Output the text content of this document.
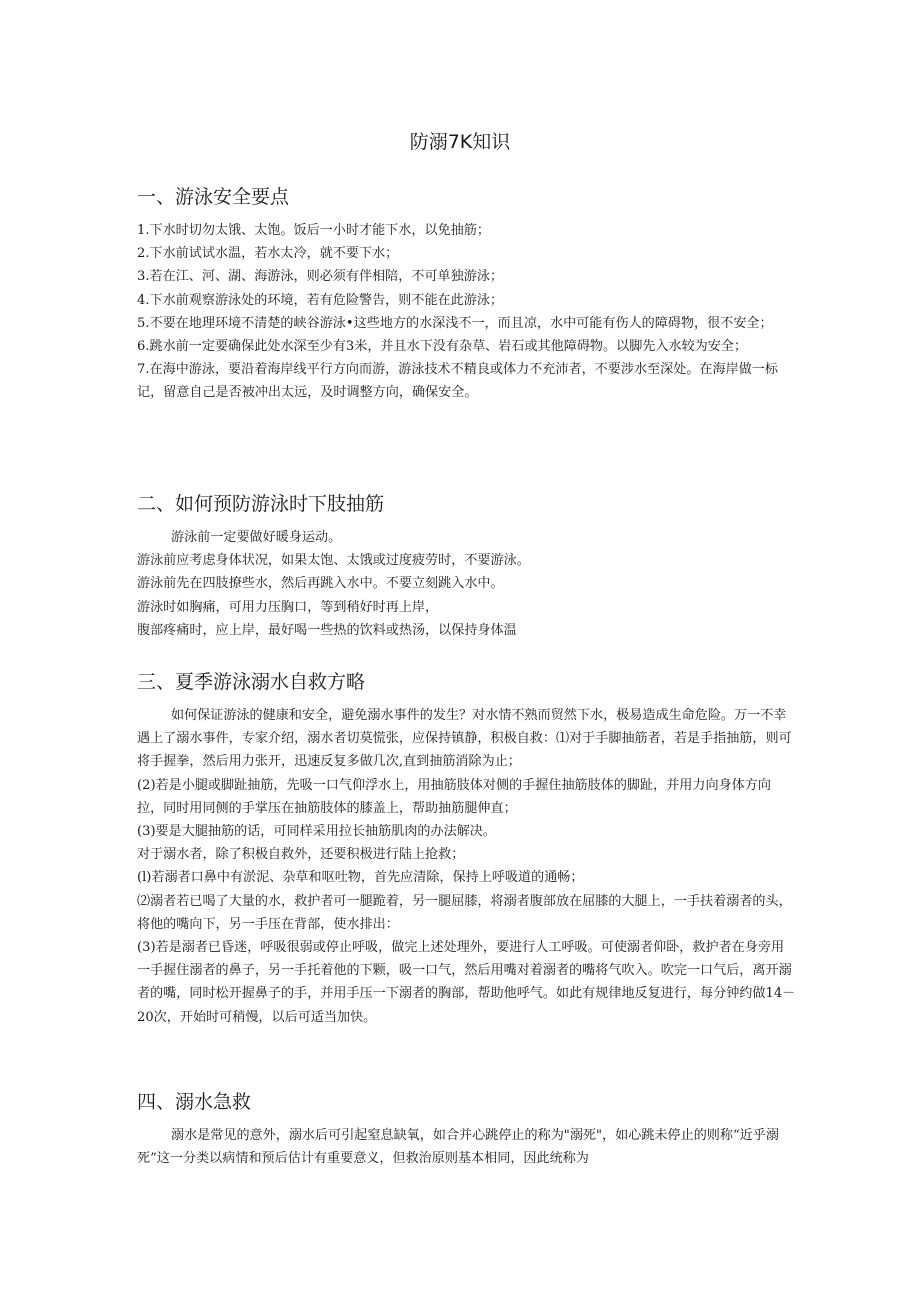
防溺7K知识
一、游泳安全要点

1.下水时切勿太饿、太饱。饭后一小时才能下水，以免抽筋；

2.下水前试试水温，若水太冷，就不要下水；

3.若在江、河、湖、海游泳，则必须有伴相陪，不可单独游泳；

4.下水前观察游泳处的环境，若有危险警告，则不能在此游泳；

5.不要在地理环境不清楚的峡谷游泳•这些地方的水深浅不一，而且凉，水中可能有伤人的障碍物，很不安全；

6.跳水前一定要确保此处水深至少有3米，并且水下没有杂草、岩石或其他障碍物。以脚先入水较为安全；

7.在海中游泳，要沿着海岸线平行方向而游，游泳技术不精良或体力不充沛者，不要涉水至深处。在海岸做一标记，留意自己是否被冲出太远，及时调整方向，确保安全。

二、如何预防游泳时下肢抽筋

游泳前一定要做好暖身运动。

游泳前应考虑身体状况，如果太饱、太饿或过度疲劳时，不要游泳。

游泳前先在四肢撩些水，然后再跳入水中。不要立刻跳入水中。

游泳时如胸痛，可用力压胸口，等到稍好时再上岸，

腹部疼痛时，应上岸，最好喝一些热的饮料或热汤，以保持身体温

三、夏季游泳溺水自救方略

如何保证游泳的健康和安全，避免溺水事件的发生？对水情不熟而贸然下水，极易造成生命危险。万一不幸遇上了溺水事件，专家介绍，溺水者切莫慌张，应保持镇静，积极自救：⑴对于手脚抽筋者，若是手指抽筋，则可将手握拳，然后用力张开，迅速反复多做几次,直到抽筋消除为止；

(2)若是小腿或脚趾抽筋，先吸一口气仰浮水上，用抽筋肢体对侧的手握住抽筋肢体的脚趾，并用力向身体方向拉，同时用同侧的手掌压在抽筋肢体的膝盖上，帮助抽筋腿伸直；

(3)要是大腿抽筋的话，可同样采用拉长抽筋肌肉的办法解决。

对于溺水者，除了积极自救外，还要积极进行陆上抢救；

(l)若溺者口鼻中有淤泥、杂草和呕吐物，首先应清除，保持上呼吸道的通畅；

⑵溺者若已喝了大量的水，救护者可一腿跪着，另一腿屈膝，将溺者腹部放在屈膝的大腿上，一手扶着溺者的头，将他的嘴向下，另一手压在背部，使水排出：

(3)若是溺者已昏迷，呼吸很弱或停止呼吸，做完上述处理外，要进行人工呼吸。可使溺者仰卧，救护者在身旁用一手握住溺者的鼻子，另一手托着他的下颗，吸一口气，然后用嘴对着溺者的嘴将气吹入。吹完一口气后，离开溺者的嘴，同时松开握鼻子的手，并用手压一下溺者的胸部，帮助他呼气。如此有规律地反复进行，每分钟约做14－20次，开始时可稍慢，以后可适当加快。

四、溺水急救

溺水是常见的意外，溺水后可引起窒息缺氧，如合并心跳停止的称为"溺死"，如心跳未停止的则称“近乎溺死”这一分类以病情和预后估计有重要意义，但救治原则基本相同，因此统称为
